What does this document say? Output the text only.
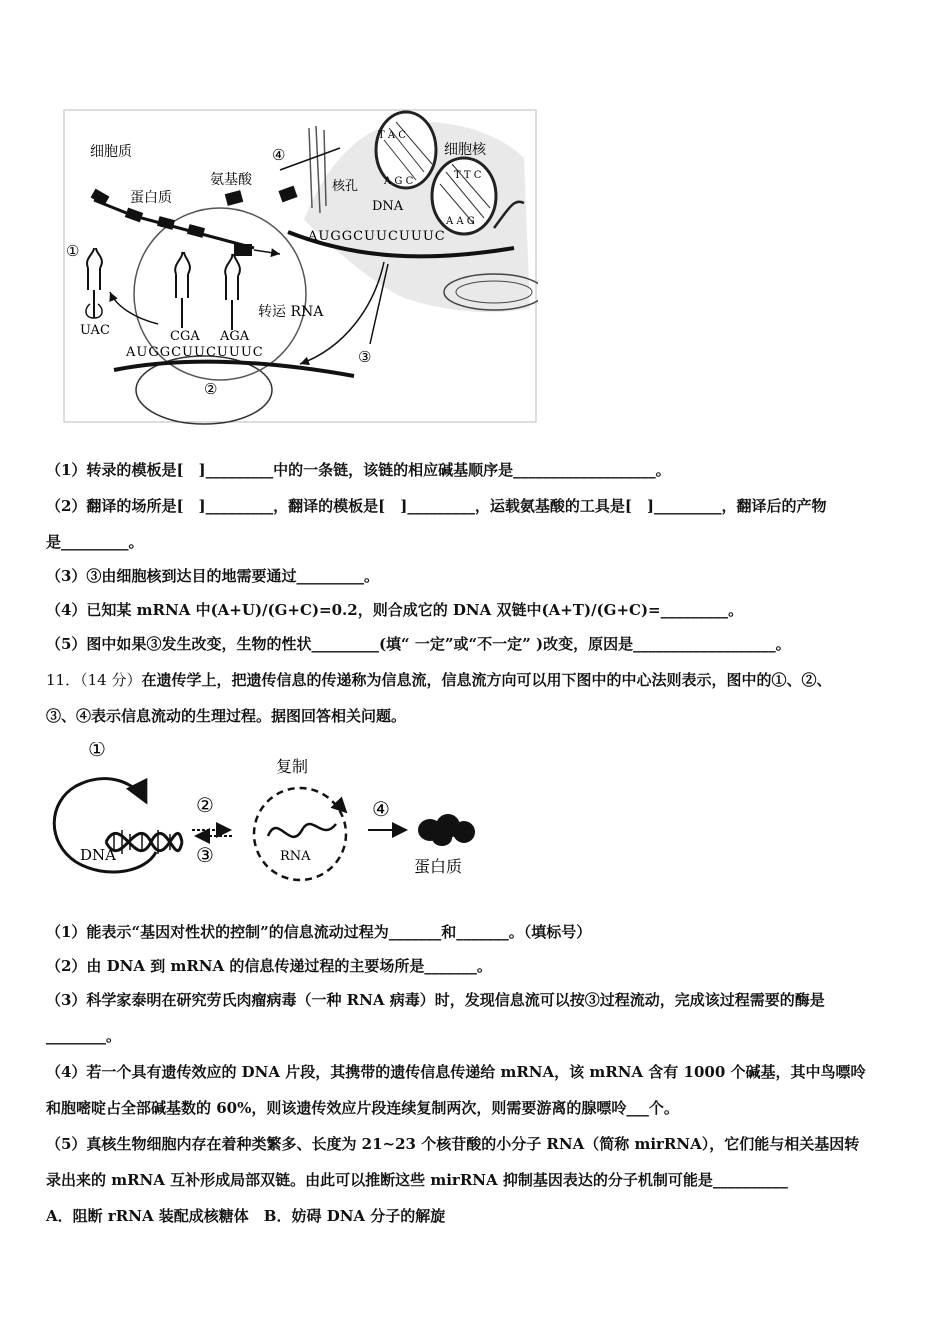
T A C
A G C
T T C
A A G
AUGGCUUCUUUC
AUGGCUUCUUUC
UAC	CGA AGA
细胞质
蛋白质
氨基酸
④
核孔
细胞核
DNA
①
转运 RNA
③
②
（1）转录的模板是[　]_________中的一条链，该链的相应碱基顺序是___________________。
（2）翻译的场所是[　]_________，翻译的模板是[　]_________，运载氨基酸的工具是[　]_________，翻译后的产物
是_________。
（3）③由细胞核到达目的地需要通过_________。
（4）已知某 mRNA 中(A+U)/(G+C)=0.2，则合成它的 DNA 双链中(A+T)/(G+C)=_________。
（5）图中如果③发生改变，生物的性状_________(填“ 一定”或“不一定” )改变，原因是___________________。
11．（14 分）在遗传学上，把遗传信息的传递称为信息流，信息流方向可以用下图中的中心法则表示，图中的①、②、
③、④表示信息流动的生理过程。据图回答相关问题。
①
DNA
②
③
复制
RNA
④
蛋白质
（1）能表示“基因对性状的控制”的信息流动过程为_______和_______。（填标号）
（2）由 DNA 到 mRNA 的信息传递过程的主要场所是_______。
（3）科学家泰明在研究劳氏肉瘤病毒（一种 RNA 病毒）时，发现信息流可以按③过程流动，完成该过程需要的酶是
________。
（4）若一个具有遗传效应的 DNA 片段，其携带的遗传信息传递给 mRNA，该 mRNA 含有 1000 个碱基，其中鸟嘌呤
和胞嘧啶占全部碱基数的 60%，则该遗传效应片段连续复制两次，则需要游离的腺嘌呤___个。
（5）真核生物细胞内存在着种类繁多、长度为 21~23 个核苷酸的小分子 RNA（简称 mirRNA），它们能与相关基因转
录出来的 mRNA 互补形成局部双链。由此可以推断这些 mirRNA 抑制基因表达的分子机制可能是__________
A．阻断 rRNA 装配成核糖体　B．妨碍 DNA 分子的解旋
